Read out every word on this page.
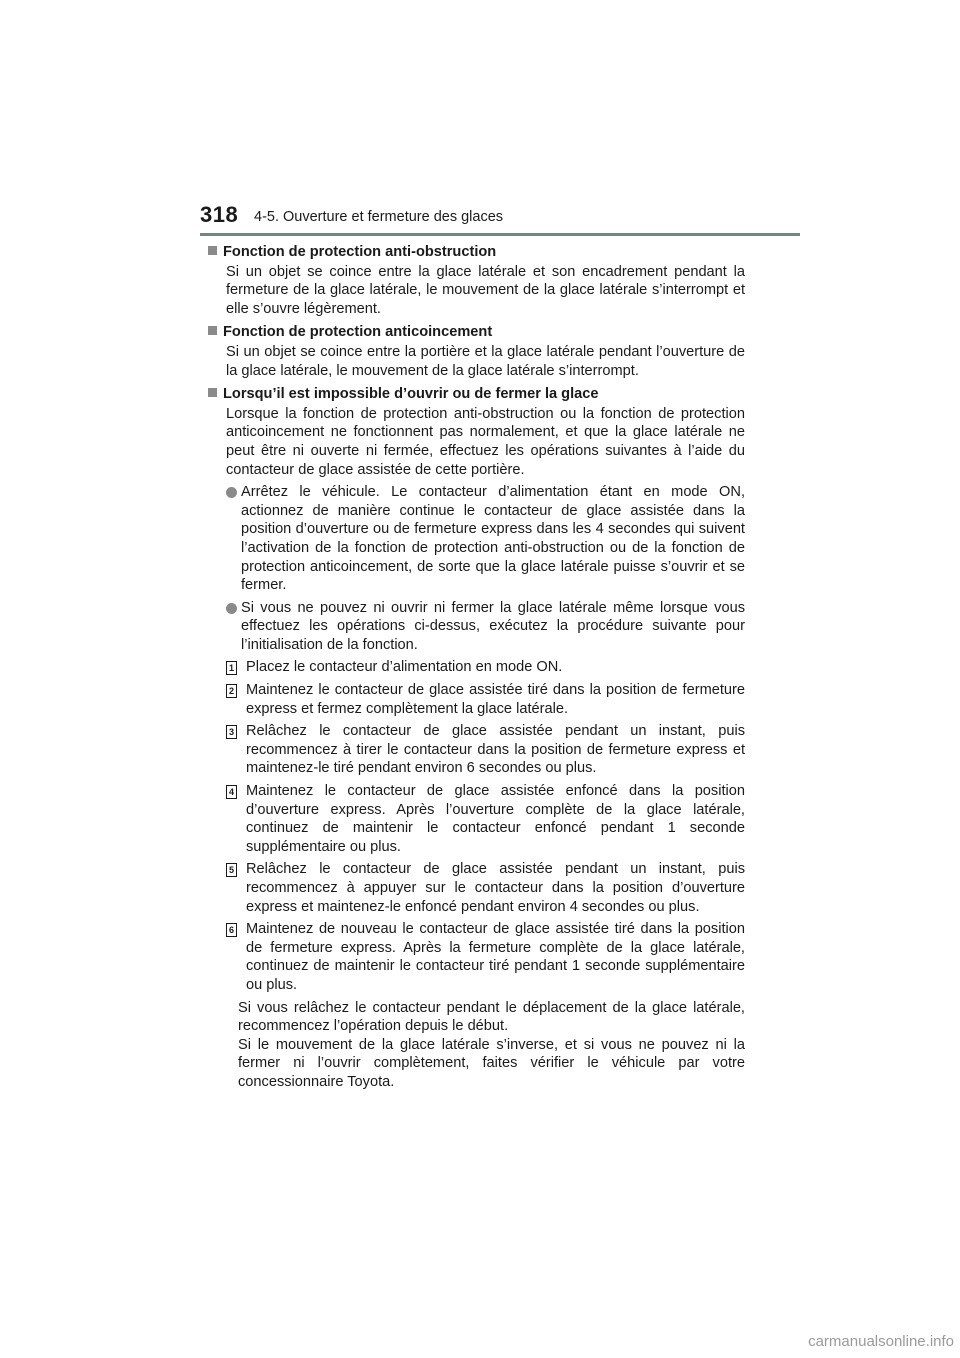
318 4-5. Ouverture et fermeture des glaces
Fonction de protection anti-obstruction
Si un objet se coince entre la glace latérale et son encadrement pendant la fermeture de la glace latérale, le mouvement de la glace latérale s’interrompt et elle s’ouvre légèrement.
Fonction de protection anticoincement
Si un objet se coince entre la portière et la glace latérale pendant l’ouverture de la glace latérale, le mouvement de la glace latérale s’interrompt.
Lorsqu’il est impossible d’ouvrir ou de fermer la glace
Lorsque la fonction de protection anti-obstruction ou la fonction de protection anticoincement ne fonctionnent pas normalement, et que la glace latérale ne peut être ni ouverte ni fermée, effectuez les opérations suivantes à l’aide du contacteur de glace assistée de cette portière.
Arrêtez le véhicule. Le contacteur d’alimentation étant en mode ON, actionnez de manière continue le contacteur de glace assistée dans la position d’ouverture ou de fermeture express dans les 4 secondes qui suivent l’activation de la fonction de protection anti-obstruction ou de la fonction de protection anticoincement, de sorte que la glace latérale puisse s’ouvrir et se fermer.
Si vous ne pouvez ni ouvrir ni fermer la glace latérale même lorsque vous effectuez les opérations ci-dessus, exécutez la procédure suivante pour l’initialisation de la fonction.
1 Placez le contacteur d’alimentation en mode ON.
2 Maintenez le contacteur de glace assistée tiré dans la position de fermeture express et fermez complètement la glace latérale.
3 Relâchez le contacteur de glace assistée pendant un instant, puis recommencez à tirer le contacteur dans la position de fermeture express et maintenez-le tiré pendant environ 6 secondes ou plus.
4 Maintenez le contacteur de glace assistée enfoncé dans la position d’ouverture express. Après l’ouverture complète de la glace latérale, continuez de maintenir le contacteur enfoncé pendant 1 seconde supplémentaire ou plus.
5 Relâchez le contacteur de glace assistée pendant un instant, puis recommencez à appuyer sur le contacteur dans la position d’ouverture express et maintenez-le enfoncé pendant environ 4 secondes ou plus.
6 Maintenez de nouveau le contacteur de glace assistée tiré dans la position de fermeture express. Après la fermeture complète de la glace latérale, continuez de maintenir le contacteur tiré pendant 1 seconde supplémentaire ou plus.
Si vous relâchez le contacteur pendant le déplacement de la glace latérale, recommencez l’opération depuis le début.
Si le mouvement de la glace latérale s’inverse, et si vous ne pouvez ni la fermer ni l’ouvrir complètement, faites vérifier le véhicule par votre concessionnaire Toyota.
carmanualsonline.info
